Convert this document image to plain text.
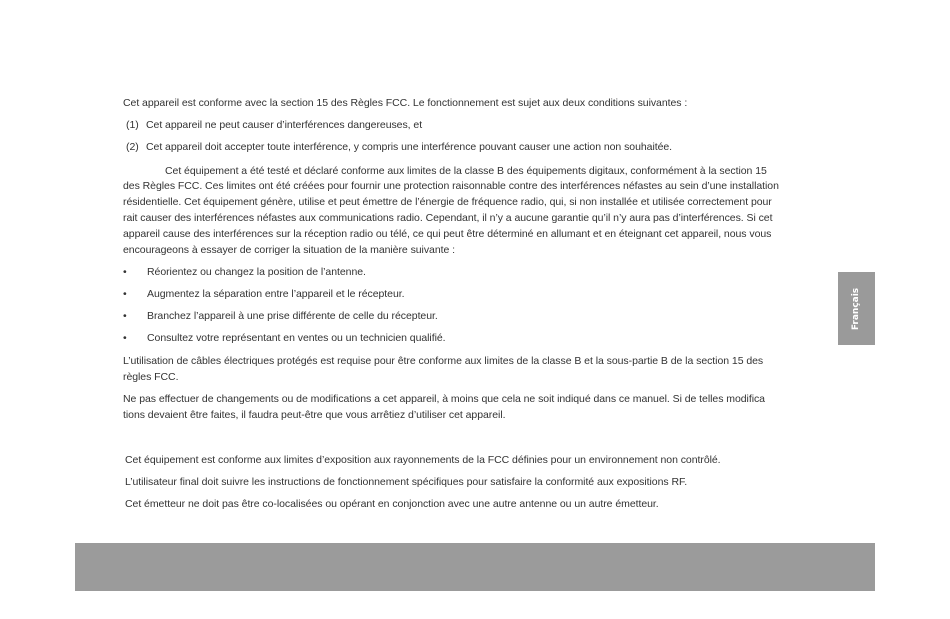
Cet appareil est conforme avec la section 15 des Règles FCC. Le fonctionnement est sujet aux deux conditions suivantes :
(1) Cet appareil ne peut causer d’interférences dangereuses, et
(2) Cet appareil doit accepter toute interférence, y compris une interférence pouvant causer une action non souhaitée.
Cet équipement a été testé et déclaré conforme aux limites de la classe B des équipements digitaux, conformément à la section 15
des Règles FCC. Ces limites ont été créées pour fournir une protection raisonnable contre des interférences néfastes au sein d’une installation
résidentielle. Cet équipement génère, utilise et peut émettre de l’énergie de fréquence radio, qui, si non installée et utilisée correctement pour
rait causer des interférences néfastes aux communications radio. Cependant, il n’y a aucune garantie qu’il n’y aura pas d’interférences. Si cet
appareil cause des interférences sur la réception radio ou télé, ce qui peut être déterminé en allumant et en éteignant cet appareil, nous vous
encourageons à essayer de corriger la situation de la manière suivante :
• Réorientez ou changez la position de l’antenne.
• Augmentez la séparation entre l’appareil et le récepteur.
• Branchez l’appareil à une prise différente de celle du récepteur.
• Consultez votre représentant en ventes ou un technicien qualifié.
L’utilisation de câbles électriques protégés est requise pour être conforme aux limites de la classe B et la sous-partie B de la section 15 des
règles FCC.
Ne pas effectuer de changements ou de modifications a cet appareil, à moins que cela ne soit indiqué dans ce manuel. Si de telles modifica
tions devaient être faites, il faudra peut-être que vous arrêtiez d’utiliser cet appareil.
Cet équipement est conforme aux limites d’exposition aux rayonnements de la FCC définies pour un environnement non contrôlé.
L’utilisateur final doit suivre les instructions de fonctionnement spécifiques pour satisfaire la conformité aux expositions RF.
Cet émetteur ne doit pas être co-localisées ou opérant en conjonction avec une autre antenne ou un autre émetteur.
Français
